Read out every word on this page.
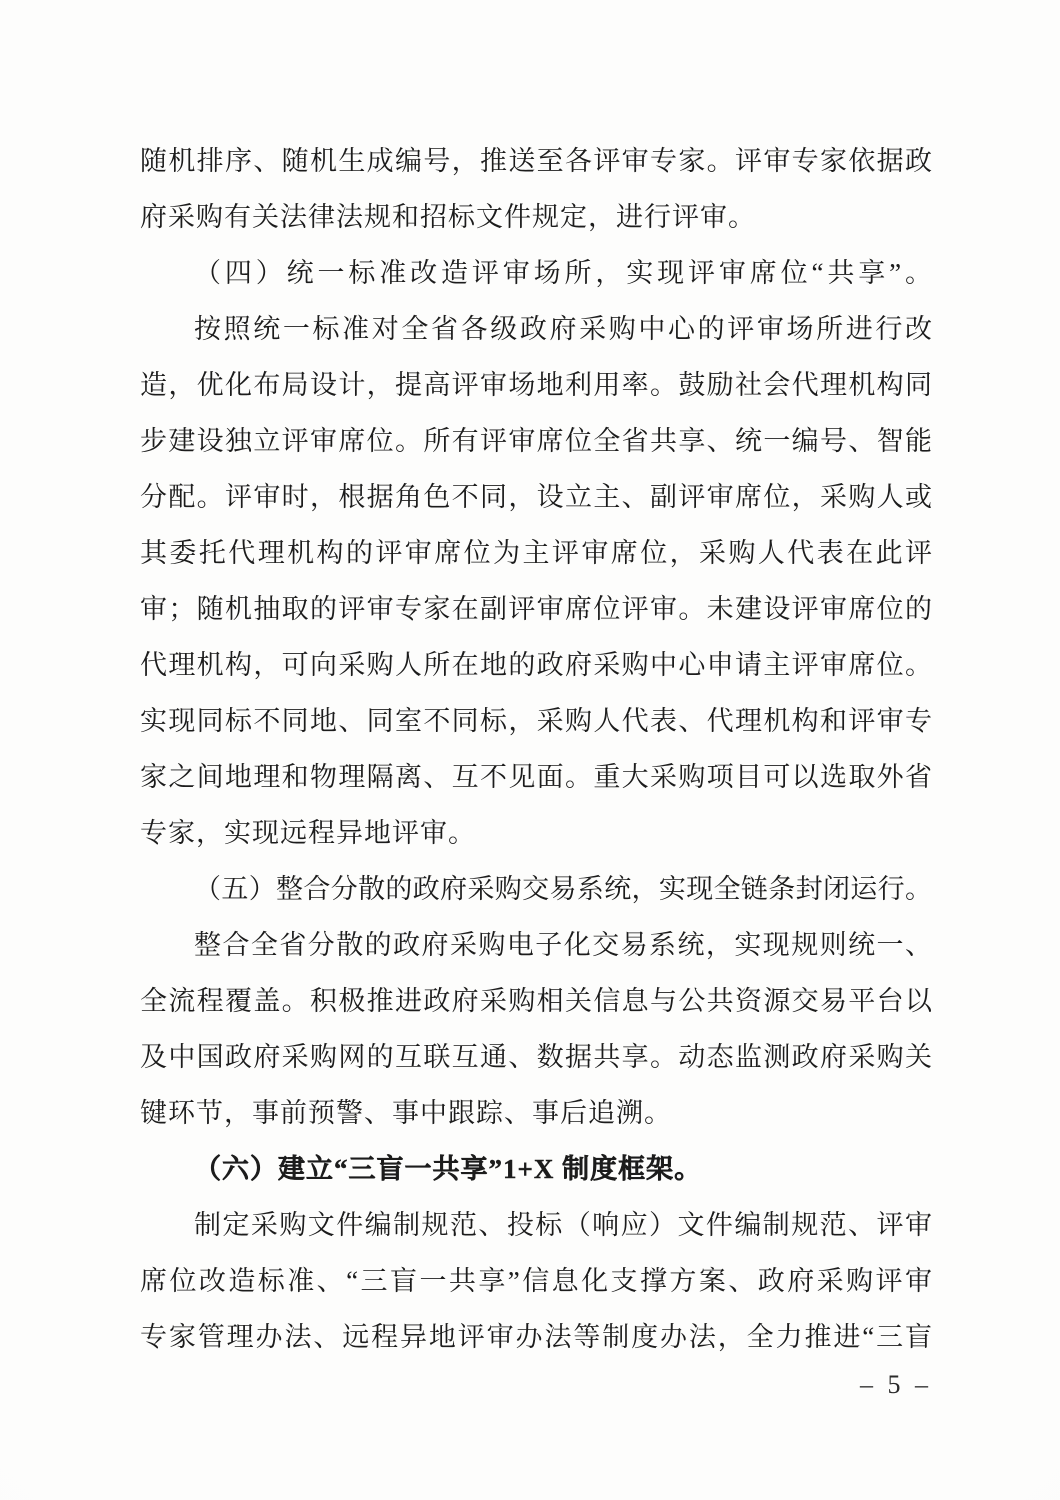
随机排序、随机生成编号，推送至各评审专家。评审专家依据政
府采购有关法律法规和招标文件规定，进行评审。
（四）统一标准改造评审场所，实现评审席位“共享”。
按照统一标准对全省各级政府采购中心的评审场所进行改
造，优化布局设计，提高评审场地利用率。鼓励社会代理机构同
步建设独立评审席位。所有评审席位全省共享、统一编号、智能
分配。评审时，根据角色不同，设立主、副评审席位，采购人或
其委托代理机构的评审席位为主评审席位，采购人代表在此评
审；随机抽取的评审专家在副评审席位评审。未建设评审席位的
代理机构，可向采购人所在地的政府采购中心申请主评审席位。
实现同标不同地、同室不同标，采购人代表、代理机构和评审专
家之间地理和物理隔离、互不见面。重大采购项目可以选取外省
专家，实现远程异地评审。
（五）整合分散的政府采购交易系统，实现全链条封闭运行。
整合全省分散的政府采购电子化交易系统，实现规则统一、
全流程覆盖。积极推进政府采购相关信息与公共资源交易平台以
及中国政府采购网的互联互通、数据共享。动态监测政府采购关
键环节，事前预警、事中跟踪、事后追溯。
（六）建立“三盲一共享”1+X 制度框架。
制定采购文件编制规范、投标（响应）文件编制规范、评审
席位改造标准、“三盲一共享”信息化支撑方案、政府采购评审
专家管理办法、远程异地评审办法等制度办法，全力推进“三盲
– 5 –
